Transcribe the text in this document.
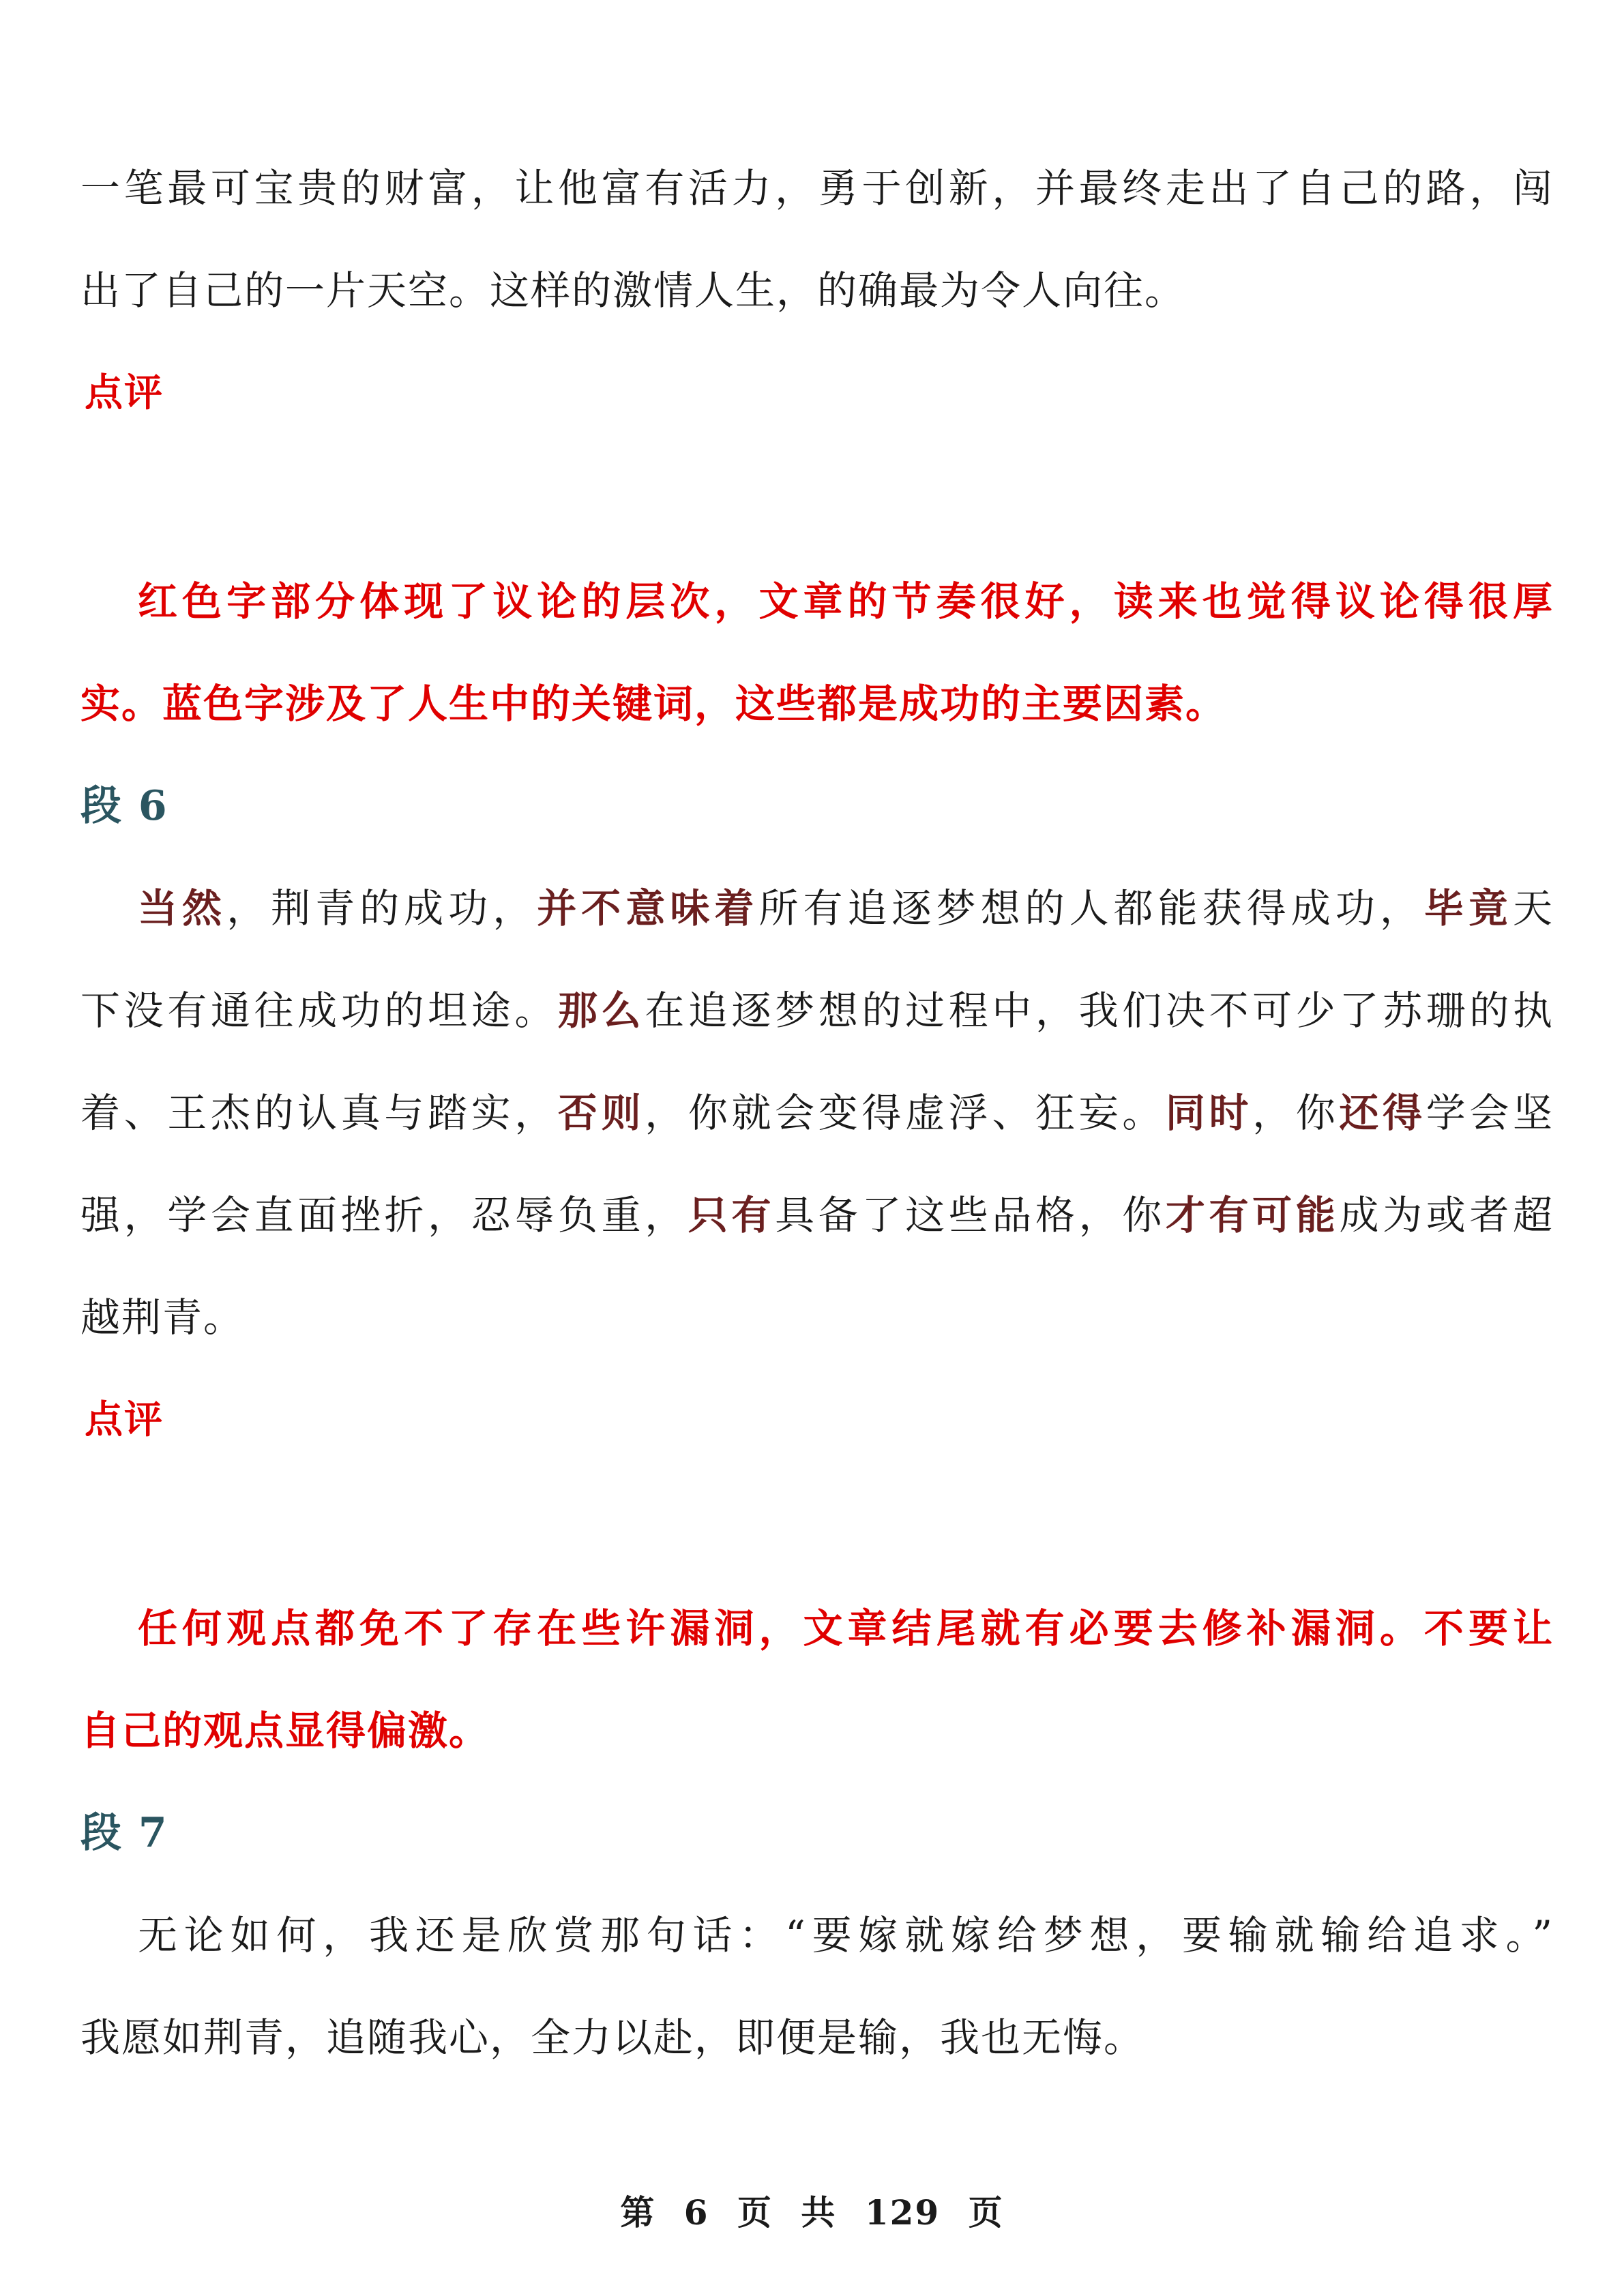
一笔最可宝贵的财富，让他富有活力，勇于创新，并最终走出了自己的路，闯
出了自己的一片天空。这样的激情人生，的确最为令人向往。
点评
红色字部分体现了议论的层次，文章的节奏很好，读来也觉得议论得很厚
实。蓝色字涉及了人生中的关键词，这些都是成功的主要因素。
段 6
当然，荆青的成功，并不意味着所有追逐梦想的人都能获得成功，毕竟天
下没有通往成功的坦途。那么在追逐梦想的过程中，我们决不可少了苏珊的执
着、王杰的认真与踏实，否则，你就会变得虚浮、狂妄。同时，你还得学会坚
强，学会直面挫折，忍辱负重，只有具备了这些品格，你才有可能成为或者超
越荆青。
点评
任何观点都免不了存在些许漏洞，文章结尾就有必要去修补漏洞。不要让
自己的观点显得偏激。
段 7
无论如何，我还是欣赏那句话：“要嫁就嫁给梦想，要输就输给追求。”
我愿如荆青，追随我心，全力以赴，即便是输，我也无悔。
第 6 页 共 129 页
